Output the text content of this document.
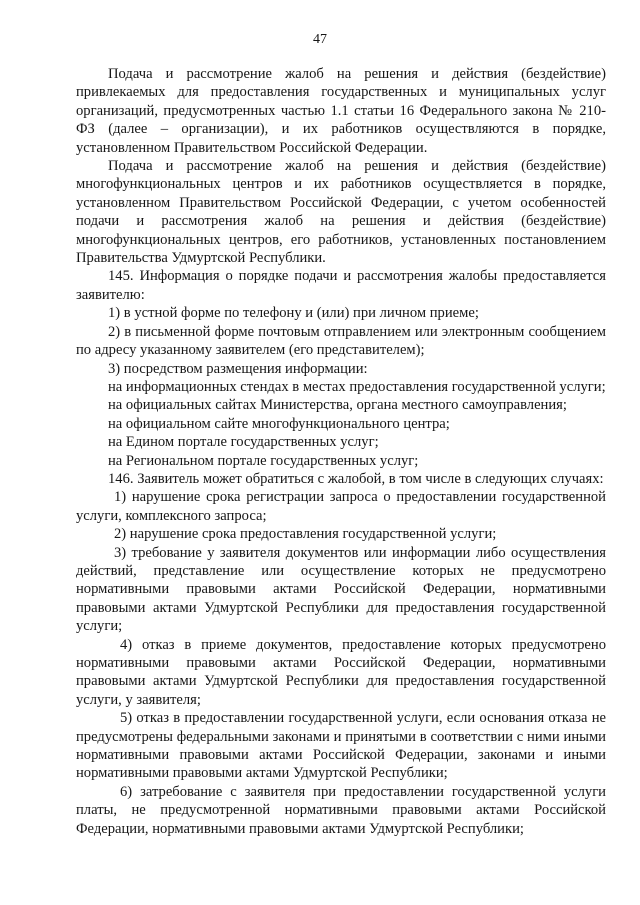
47

Подача и рассмотрение жалоб на решения и действия (бездействие) привлекаемых для предоставления государственных и муниципальных услуг организаций, предусмотренных частью 1.1 статьи 16 Федерального закона № 210-ФЗ (далее – организации), и их работников осуществляются в порядке, установленном Правительством Российской Федерации.

Подача и рассмотрение жалоб на решения и действия (бездействие) многофункциональных центров и их работников осуществляется в порядке, установленном Правительством Российской Федерации, с учетом особенностей подачи и рассмотрения жалоб на решения и действия (бездействие) многофункциональных центров, его работников, установленных постановлением Правительства Удмуртской Республики.

145. Информация о порядке подачи и рассмотрения жалобы предоставляется заявителю:

1) в устной форме по телефону и (или) при личном приеме;

2) в письменной форме почтовым отправлением или электронным сообщением по адресу указанному заявителем (его представителем);

3) посредством размещения информации:

на информационных стендах в местах предоставления государственной услуги;

на официальных сайтах Министерства, органа местного самоуправления;

на официальном сайте многофункционального центра;

на Едином портале государственных услуг;

на Региональном портале государственных услуг;

146. Заявитель может обратиться с жалобой, в том числе в следующих случаях:

1) нарушение срока регистрации запроса о предоставлении государственной услуги, комплексного запроса;

2) нарушение срока предоставления государственной услуги;

3) требование у заявителя документов или информации либо осуществления действий, представление или осуществление которых не предусмотрено нормативными правовыми актами Российской Федерации, нормативными правовыми актами Удмуртской Республики для предоставления государственной услуги;

4) отказ в приеме документов, предоставление которых предусмотрено нормативными правовыми актами Российской Федерации, нормативными правовыми актами Удмуртской Республики для предоставления государственной услуги, у заявителя;

5) отказ в предоставлении государственной услуги, если основания отказа не предусмотрены федеральными законами и принятыми в соответствии с ними иными нормативными правовыми актами Российской Федерации, законами и иными нормативными правовыми актами Удмуртской Республики;

6) затребование с заявителя при предоставлении государственной услуги платы, не предусмотренной нормативными правовыми актами Российской Федерации, нормативными правовыми актами Удмуртской Республики;
